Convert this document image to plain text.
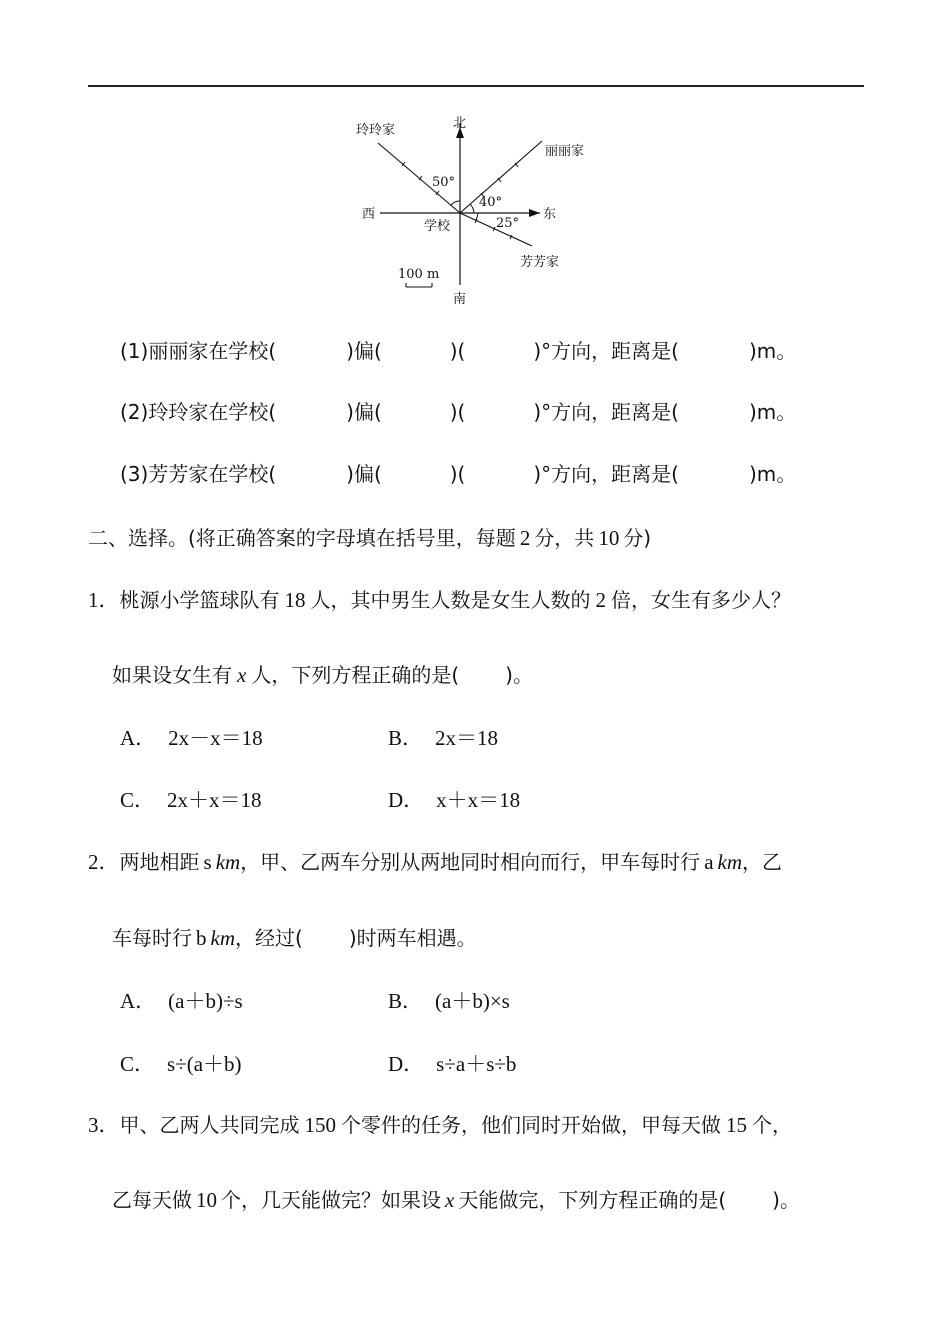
北
南
西	东
学校
丽丽家
玲玲家
芳芳家
50°
40°
25°
100 m
(1)丽丽家在学校(	)偏(	)(	)°方向，距离是(	)m。
(2)玲玲家在学校(	)偏(	)(	)°方向，距离是(	)m。
(3)芳芳家在学校(	)偏(	)(	)°方向，距离是(	)m。
二、选择。(将正确答案的字母填在括号里，每题 2 分，共 10 分)
1．桃源小学篮球队有 18 人，其中男生人数是女生人数的 2 倍，女生有多少人？
如果设女生有 x 人，下列方程正确的是( )。
A． 2x－x＝18	B． 2x＝18
C． 2x＋x＝18	D． x＋x＝18
2．两地相距 s km，甲、乙两车分别从两地同时相向而行，甲车每时行 a km，乙
车每时行 b km，经过( )时两车相遇。
A． (a＋b)÷s	B． (a＋b)×s
C． s÷(a＋b)	D． s÷a＋s÷b
3．甲、乙两人共同完成 150 个零件的任务，他们同时开始做，甲每天做 15 个，
乙每天做 10 个，几天能做完？如果设 x 天能做完，下列方程正确的是( )。
